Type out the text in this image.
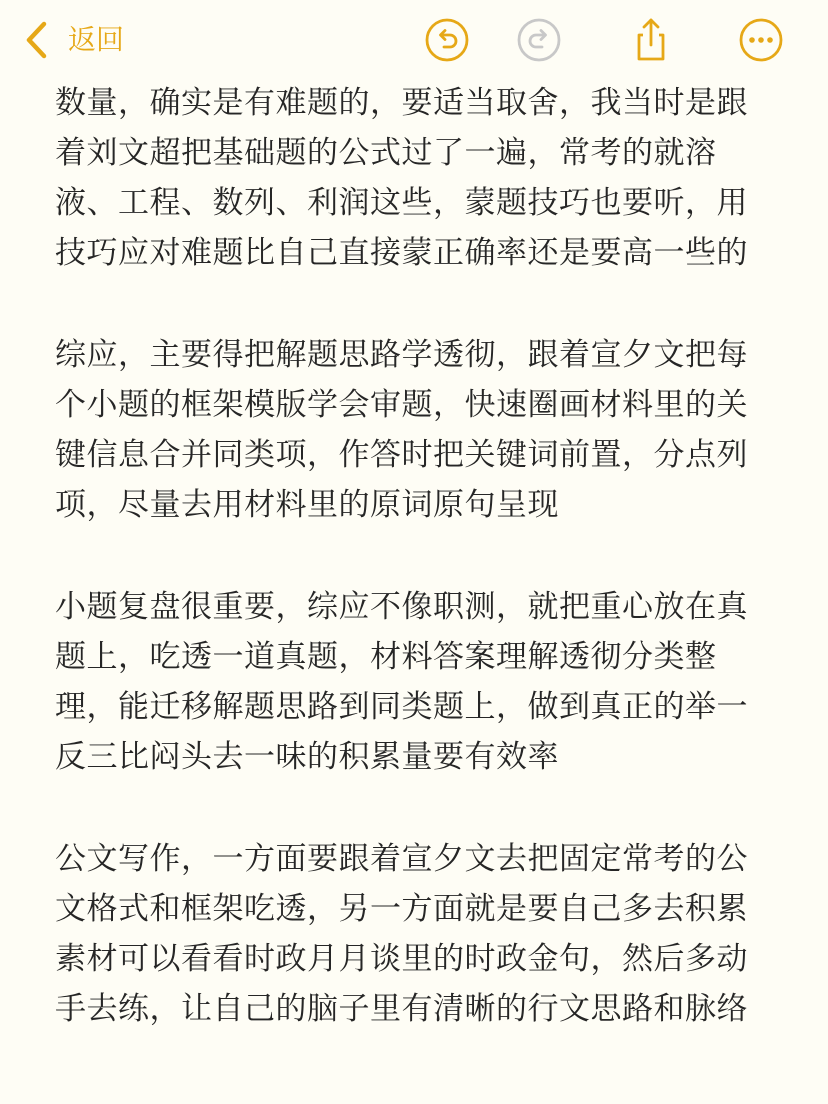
返回

数量，确实是有难题的，要适当取舍，我当时是跟
着刘文超把基础题的公式过了一遍，常考的就溶
液、工程、数列、利润这些，蒙题技巧也要听，用
技巧应对难题比自己直接蒙正确率还是要高一些的

综应，主要得把解题思路学透彻，跟着宣夕文把每
个小题的框架模版学会审题，快速圈画材料里的关
键信息合并同类项，作答时把关键词前置，分点列
项，尽量去用材料里的原词原句呈现

小题复盘很重要，综应不像职测，就把重心放在真
题上，吃透一道真题，材料答案理解透彻分类整
理，能迁移解题思路到同类题上，做到真正的举一
反三比闷头去一味的积累量要有效率

公文写作，一方面要跟着宣夕文去把固定常考的公
文格式和框架吃透，另一方面就是要自己多去积累
素材可以看看时政月月谈里的时政金句，然后多动
手去练，让自己的脑子里有清晰的行文思路和脉络
